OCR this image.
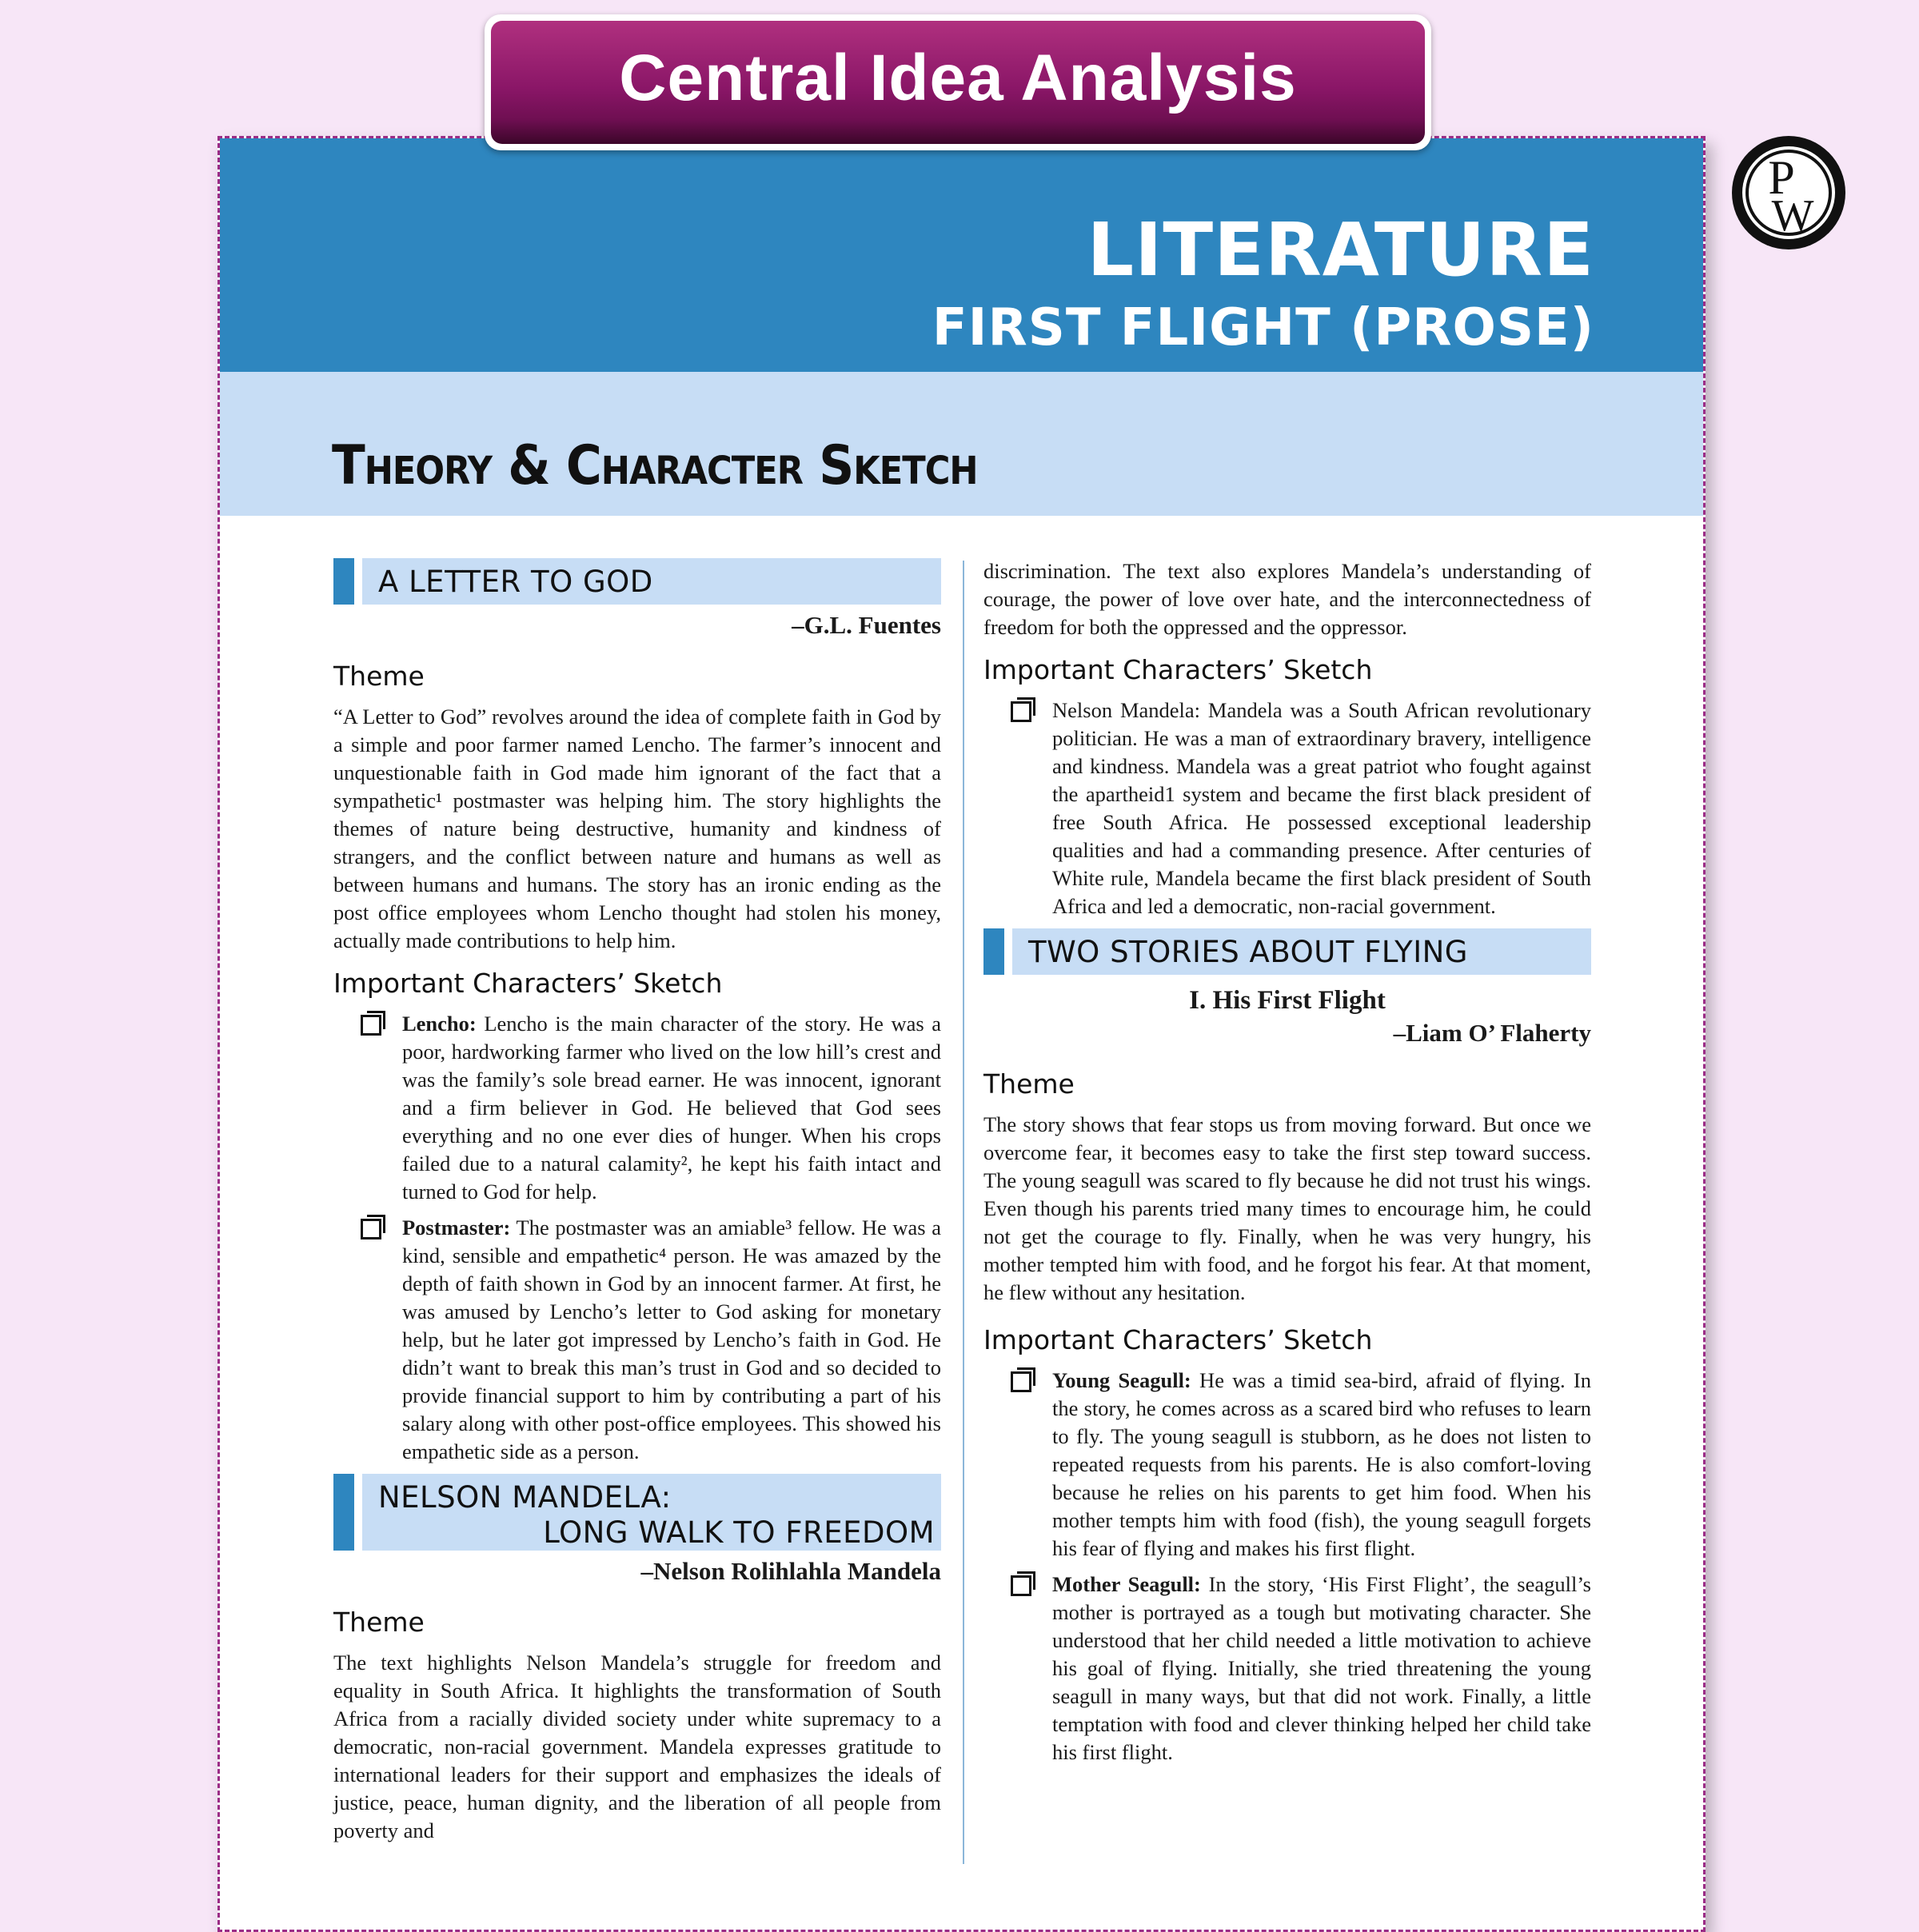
Central Idea Analysis
P
W
LITERATURE
FIRST FLIGHT (PROSE)
Theory & Character Sketch
A LETTER TO GOD
–G.L. Fuentes
Theme

“A Letter to God” revolves around the idea of complete faith in God by a simple and poor farmer named Lencho. The farmer’s innocent and unquestionable faith in God made him ignorant of the fact that a sympathetic¹ postmaster was helping him. The story highlights the themes of nature being destructive, humanity and kindness of strangers, and the conflict between nature and humans as well as between humans and humans. The story has an ironic ending as the post office employees whom Lencho thought had stolen his money, actually made contributions to help him.

Important Characters’ Sketch
Lencho: Lencho is the main character of the story. He was a poor, hardworking farmer who lived on the low hill’s crest and was the family’s sole bread earner. He was innocent, ignorant and a firm believer in God. He believed that God sees everything and no one ever dies of hunger. When his crops failed due to a natural calamity², he kept his faith intact and turned to God for help.
Postmaster: The postmaster was an amiable³ fellow. He was a kind, sensible and empathetic⁴ person. He was amazed by the depth of faith shown in God by an innocent farmer. At first, he was amused by Lencho’s letter to God asking for monetary help, but he later got impressed by Lencho’s faith in God. He didn’t want to break this man’s trust in God and so decided to provide financial support to him by contributing a part of his salary along with other post-office employees. This showed his empathetic side as a person.
NELSON MANDELA:
LONG WALK TO FREEDOM
–Nelson Rolihlahla Mandela
Theme

The text highlights Nelson Mandela’s struggle for freedom and equality in South Africa. It highlights the transformation of South Africa from a racially divided society under white supremacy to a democratic, non-racial government. Mandela expresses gratitude to international leaders for their support and emphasizes the ideals of justice, peace, human dignity, and the liberation of all people from poverty and

discrimination. The text also explores Mandela’s understanding of courage, the power of love over hate, and the interconnectedness of freedom for both the oppressed and the oppressor.

Important Characters’ Sketch
Nelson Mandela: Mandela was a South African revolutionary politician. He was a man of extraordinary bravery, intelligence and kindness. Mandela was a great patriot who fought against the apartheid1 system and became the first black president of free South Africa. He possessed exceptional leadership qualities and had a commanding presence. After centuries of White rule, Mandela became the first black president of South Africa and led a democratic, non-racial government.
TWO STORIES ABOUT FLYING
I. His First Flight
–Liam O’ Flaherty
Theme

The story shows that fear stops us from moving forward. But once we overcome fear, it becomes easy to take the first step toward success. The young seagull was scared to fly because he did not trust his wings. Even though his parents tried many times to encourage him, he could not get the courage to fly. Finally, when he was very hungry, his mother tempted him with food, and he forgot his fear. At that moment, he flew without any hesitation.

Important Characters’ Sketch
Young Seagull: He was a timid sea-bird, afraid of flying. In the story, he comes across as a scared bird who refuses to learn to fly. The young seagull is stubborn, as he does not listen to repeated requests from his parents. He is also comfort-loving because he relies on his parents to get him food. When his mother tempts him with food (fish), the young seagull forgets his fear of flying and makes his first flight.
Mother Seagull: In the story, ‘His First Flight’, the seagull’s mother is portrayed as a tough but motivating character. She understood that her child needed a little motivation to achieve his goal of flying. Initially, she tried threatening the young seagull in many ways, but that did not work. Finally, a little temptation with food and clever thinking helped her child take his first flight.
